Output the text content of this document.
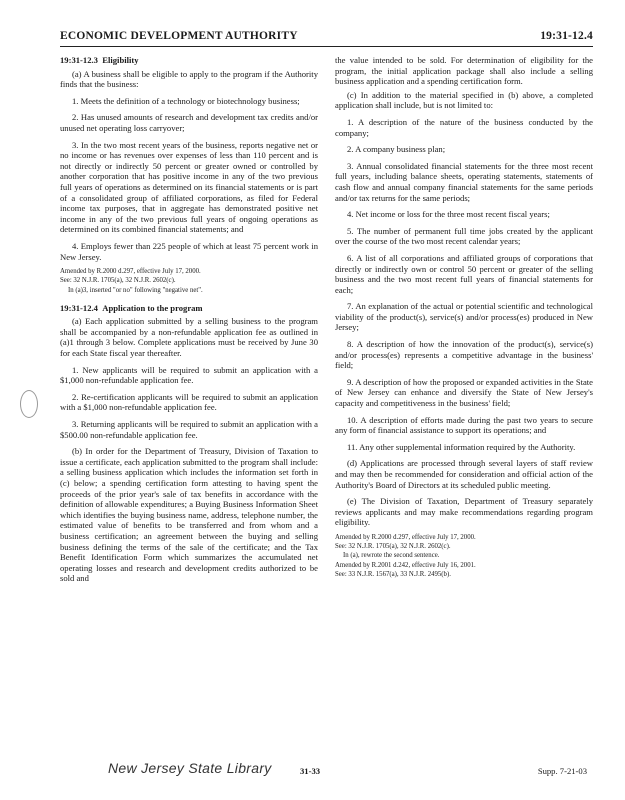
ECONOMIC DEVELOPMENT AUTHORITY	19:31-12.4

19:31-12.3 Eligibility

(a) A business shall be eligible to apply to the program if the Authority finds that the business:

1. Meets the definition of a technology or biotechnology business;

2. Has unused amounts of research and development tax credits and/or unused net operating loss carryover;

3. In the two most recent years of the business, reports negative net or no income or has revenues over expenses of less than 110 percent and is not directly or indirectly 50 percent or greater owned or controlled by another corporation that has positive income in any of the two previous full years of operations as determined on its financial statements or is part of a consolidated group of affiliated corporations, as filed for Federal income tax purposes, that in aggregate has demonstrated positive net income in any of the two previous full years of ongoing operations as determined on its combined financial statements; and

4. Employs fewer than 225 people of which at least 75 percent work in New Jersey.

Amended by R.2000 d.297, effective July 17, 2000.

See: 32 N.J.R. 1705(a), 32 N.J.R. 2602(c).

In (a)3, inserted "or no" following "negative net".

19:31-12.4 Application to the program

(a) Each application submitted by a selling business to the program shall be accompanied by a non-refundable application fee as outlined in (a)1 through 3 below. Complete applications must be received by June 30 for each State fiscal year thereafter.

1. New applicants will be required to submit an application with a $1,000 non-refundable application fee.

2. Re-certification applicants will be required to submit an application with a $1,000 non-refundable application fee.

3. Returning applicants will be required to submit an application with a $500.00 non-refundable application fee.

(b) In order for the Department of Treasury, Division of Taxation to issue a certificate, each application submitted to the program shall include: a selling business application which includes the information set forth in (c) below; a spending certification form attesting to having spent the proceeds of the prior year's sale of tax benefits in accordance with the definition of allowable expenditures; a Buying Business Information Sheet which identifies the buying business name, address, telephone number, the estimated value of benefits to be transferred and from whom and a business certification; an agreement between the buying and selling business defining the terms of the sale of the certificate; and the Tax Benefit Identification Form which summarizes the accumulated net operating losses and research and development credits authorized to be sold and

the value intended to be sold. For determination of eligibility for the program, the initial application package shall also include a selling business application and a spending certification form.

(c) In addition to the material specified in (b) above, a completed application shall include, but is not limited to:

1. A description of the nature of the business conducted by the company;

2. A company business plan;

3. Annual consolidated financial statements for the three most recent full years, including balance sheets, operating statements, statements of cash flow and annual company financial statements for the same periods and/or tax returns for the same periods;

4. Net income or loss for the three most recent fiscal years;

5. The number of permanent full time jobs created by the applicant over the course of the two most recent calendar years;

6. A list of all corporations and affiliated groups of corporations that directly or indirectly own or control 50 percent or greater of the selling business and the two most recent full years of financial statements for each;

7. An explanation of the actual or potential scientific and technological viability of the product(s), service(s) and/or process(es) produced in New Jersey;

8. A description of how the innovation of the product(s), service(s) and/or process(es) represents a competitive advantage in the business' field;

9. A description of how the proposed or expanded activities in the State of New Jersey can enhance and diversify the State of New Jersey's capacity and competitiveness in the business' field;

10. A description of efforts made during the past two years to secure any form of financial assistance to support its operations; and

11. Any other supplemental information required by the Authority.

(d) Applications are processed through several layers of staff review and may then be recommended for consideration and official action of the Authority's Board of Directors at its scheduled public meeting.

(e) The Division of Taxation, Department of Treasury separately reviews applicants and may make recommendations regarding program eligibility.

Amended by R.2000 d.297, effective July 17, 2000.

See: 32 N.J.R. 1705(a), 32 N.J.R. 2602(c).

In (a), rewrote the second sentence.

Amended by R.2001 d.242, effective July 16, 2001.

See: 33 N.J.R. 1567(a), 33 N.J.R. 2495(b).

New Jersey State Library	31-33	Supp. 7-21-03
